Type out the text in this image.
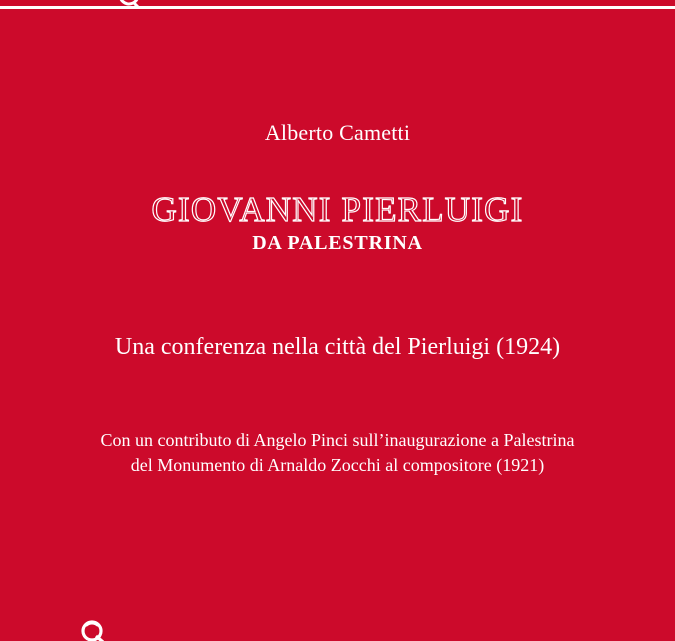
Alberto Cametti
GIOVANNI PIERLUIGI
DA PALESTRINA
Una conferenza nella città del Pierluigi (1924)
Con un contributo di Angelo Pinci sull’inaugurazione a Palestrina
del Monumento di Arnaldo Zocchi al compositore (1921)
